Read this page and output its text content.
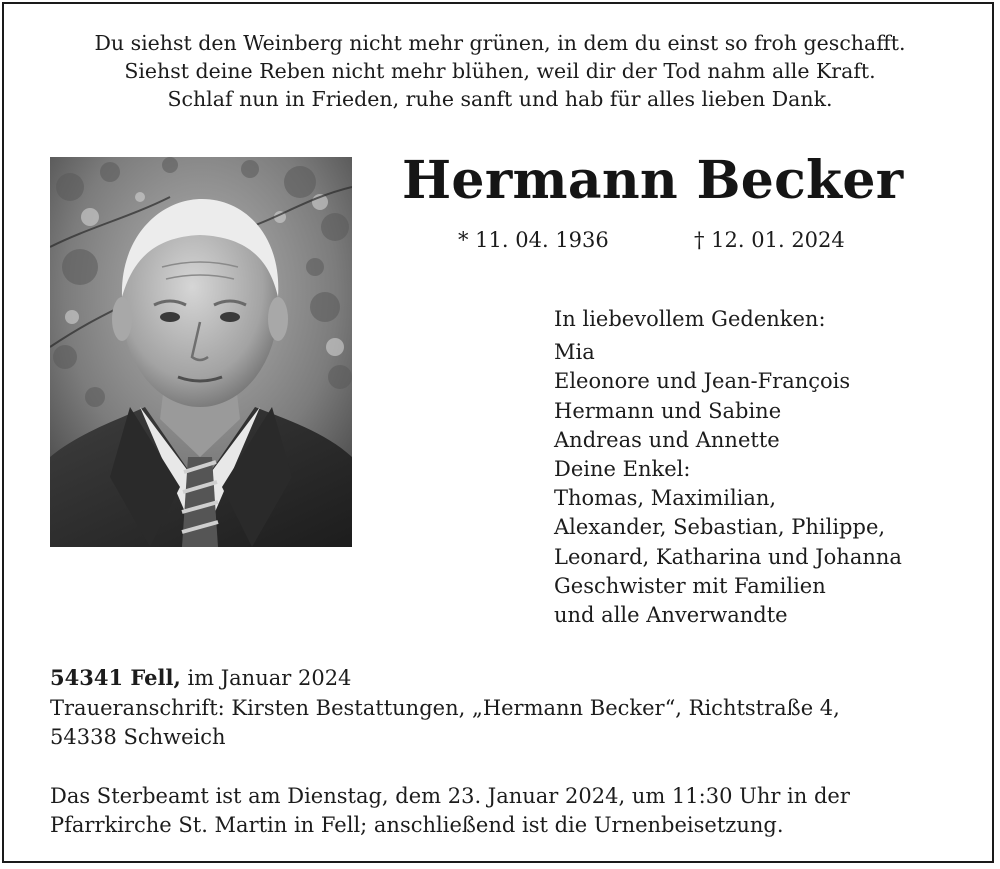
Du siehst den Weinberg nicht mehr grünen, in dem du einst so froh geschafft.
Siehst deine Reben nicht mehr blühen, weil dir der Tod nahm alle Kraft.
Schlaf nun in Frieden, ruhe sanft und hab für alles lieben Dank.
Hermann Becker
* 11. 04. 1936	† 12. 01. 2024
In liebevollem Gedenken:
Mia
Eleonore und Jean-François
Hermann und Sabine
Andreas und Annette
Deine Enkel:
Thomas, Maximilian,
Alexander, Sebastian, Philippe,
Leonard, Katharina und Johanna
Geschwister mit Familien
und alle Anverwandte
54341 Fell, im Januar 2024
Traueranschrift: Kirsten Bestattungen, „Hermann Becker“, Richtstraße 4,
54338 Schweich
Das Sterbeamt ist am Dienstag, dem 23. Januar 2024, um 11:30 Uhr in der
Pfarrkirche St. Martin in Fell; anschließend ist die Urnenbeisetzung.
